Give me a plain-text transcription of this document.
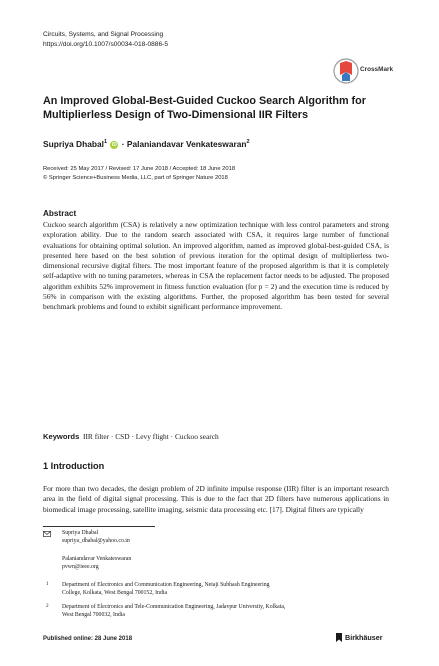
Circuits, Systems, and Signal Processing
https://doi.org/10.1007/s00034-018-0886-5
CrossMark
An Improved Global-Best-Guided Cuckoo Search Algorithm for Multiplierless Design of Two-Dimensional IIR Filters
Supriya Dhabal$^1$ iD · Palaniandavar Venkateswaran$^2$
Received: 25 May 2017 / Revised: 17 June 2018 / Accepted: 18 June 2018
© Springer Science+Business Media, LLC, part of Springer Nature 2018
Abstract
Cuckoo search algorithm (CSA) is relatively a new optimization technique with less control parameters and strong exploration ability. Due to the random search associated with CSA, it requires large number of functional evaluations for obtaining optimal solution. An improved algorithm, named as improved global-best-guided CSA, is presented here based on the best solution of previous iteration for the optimal design of multiplierless two-dimensional recursive digital filters. The most important feature of the proposed algorithm is that it is completely self-adaptive with no tuning parameters, whereas in CSA the replacement factor needs to be adjusted. The proposed algorithm exhibits 52% improvement in fitness function evaluation (for p = 2) and the execution time is reduced by 56% in comparison with the existing algorithms. Further, the proposed algorithm has been tested for several benchmark problems and found to exhibit significant performance improvement.
Keywords IIR filter · CSD · Levy flight · Cuckoo search
1 Introduction
For more than two decades, the design problem of 2D infinite impulse response (IIR) filter is an important research area in the field of digital signal processing. This is due to the fact that 2D filters have numerous applications in biomedical image processing, satellite imaging, seismic data processing etc. [17]. Digital filters are typically
Supriya Dhabal
supriya_dhabal@yahoo.co.in
Palaniandavar Venkateswaran
pvwn@ieee.org
1 Department of Electronics and Communication Engineering, Netaji Subhash Engineering
College, Kolkata, West Bengal 700152, India
2 Department of Electronics and Tele-Communication Engineering, Jadavpur University, Kolkata,
West Bengal 700032, India
Published online: 28 June 2018	Birkhäuser
